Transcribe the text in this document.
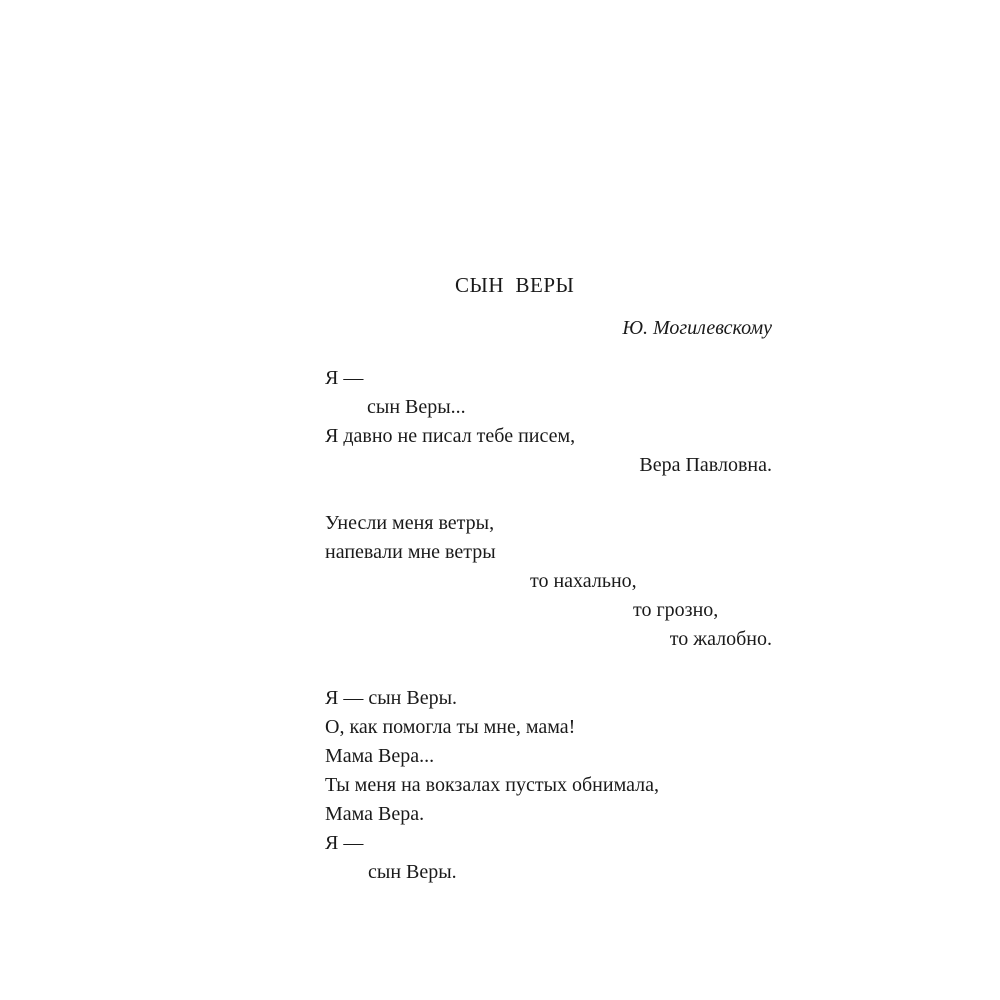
СЫН  ВЕРЫ
Ю. Могилевскому
Я —
сын Веры...
Я давно не писал тебе писем,
Вера Павловна.
Унесли меня ветры,
напевали мне ветры
то нахально,
то грозно,
то жалобно.
Я — сын Веры.
О, как помогла ты мне, мама!
Мама Вера...
Ты меня на вокзалах пустых обнимала,
Мама Вера.
Я —
сын Веры.
